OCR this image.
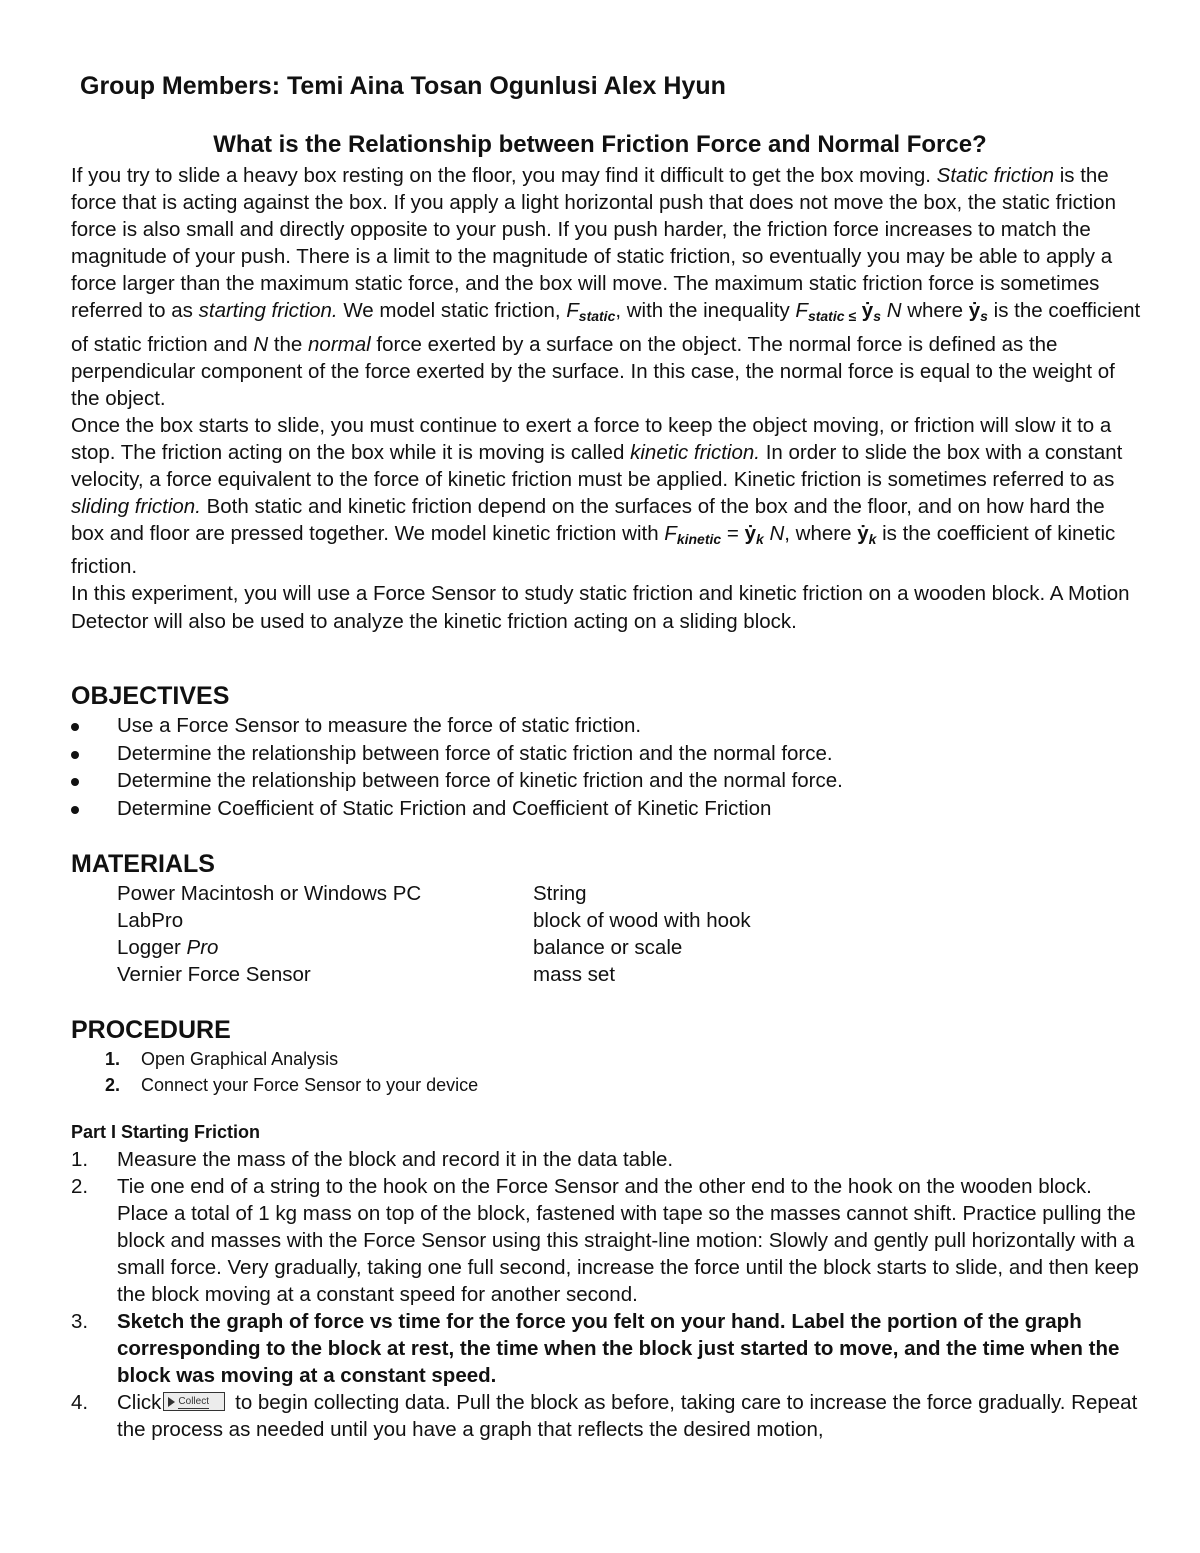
Group Members: Temi Aina Tosan Ogunlusi Alex Hyun
What is the Relationship between Friction Force and Normal Force?

If you try to slide a heavy box resting on the floor, you may find it difficult to get the box moving. Static friction is the force that is acting against the box. If you apply a light horizontal push that does not move the box, the static friction force is also small and directly opposite to your push. If you push harder, the friction force increases to match the magnitude of your push. There is a limit to the magnitude of static friction, so eventually you may be able to apply a force larger than the maximum static force, and the box will move. The maximum static friction force is sometimes referred to as starting friction. We model static friction, $F_{static}$, with the inequality $F_{static \le}$ ẏ$_s$ N where ẏ$_s$ is the coefficient of static friction and N the normal force exerted by a surface on the object. The normal force is defined as the perpendicular component of the force exerted by the surface. In this case, the normal force is equal to the weight of the object.

Once the box starts to slide, you must continue to exert a force to keep the object moving, or friction will slow it to a stop. The friction acting on the box while it is moving is called kinetic friction. In order to slide the box with a constant velocity, a force equivalent to the force of kinetic friction must be applied. Kinetic friction is sometimes referred to as sliding friction. Both static and kinetic friction depend on the surfaces of the box and the floor, and on how hard the box and floor are pressed together. We model kinetic friction with $F_{kinetic}$ = ẏ$_k$ N, where ẏ$_k$ is the coefficient of kinetic friction.

In this experiment, you will use a Force Sensor to study static friction and kinetic friction on a wooden block. A Motion Detector will also be used to analyze the kinetic friction acting on a sliding block.

OBJECTIVES
Use a Force Sensor to measure the force of static friction.
Determine the relationship between force of static friction and the normal force.
Determine the relationship between force of kinetic friction and the normal force.
Determine Coefficient of Static Friction and Coefficient of Kinetic Friction
MATERIALS
Power Macintosh or Windows PC
LabPro
Logger Pro
Vernier Force Sensor
String
block of wood with hook
balance or scale
mass set
PROCEDURE
1. Open Graphical Analysis
2. Connect your Force Sensor to your device
Part I Starting Friction
1. Measure the mass of the block and record it in the data table.
2. Tie one end of a string to the hook on the Force Sensor and the other end to the hook on the wooden block. Place a total of 1 kg mass on top of the block, fastened with tape so the masses cannot shift. Practice pulling the block and masses with the Force Sensor using this straight-line motion: Slowly and gently pull horizontally with a small force. Very gradually, taking one full second, increase the force until the block starts to slide, and then keep the block moving at a constant speed for another second.
3. Sketch the graph of force vs time for the force you felt on your hand. Label the portion of the graph corresponding to the block at rest, the time when the block just started to move, and the time when the block was moving at a constant speed.
4. Click Collect to begin collecting data. Pull the block as before, taking care to increase the force gradually. Repeat the process as needed until you have a graph that reflects the desired motion,
